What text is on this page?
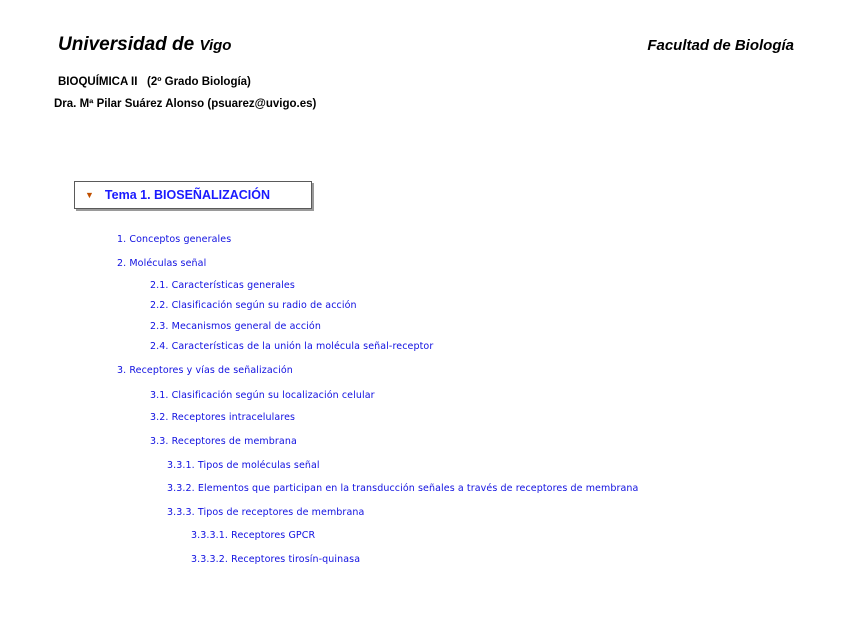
Universidad de Vigo	Facultad de Biología
BIOQUÍMICA II   (2º Grado Biología)
Dra. Mª Pilar Suárez Alonso (psuarez@uvigo.es)
▼ Tema 1. BIOSEÑALIZACIÓN
1. Conceptos generales
2. Moléculas señal
2.1. Características generales
2.2. Clasificación según su radio de acción
2.3. Mecanismos general de acción
2.4. Características de la unión la molécula señal-receptor
3. Receptores y vías de señalización
3.1. Clasificación según su localización celular
3.2. Receptores intracelulares
3.3. Receptores de membrana
3.3.1. Tipos de moléculas señal
3.3.2. Elementos que participan en la transducción señales a través de receptores de membrana
3.3.3. Tipos de receptores de membrana
3.3.3.1. Receptores GPCR
3.3.3.2. Receptores tirosín-quinasa
